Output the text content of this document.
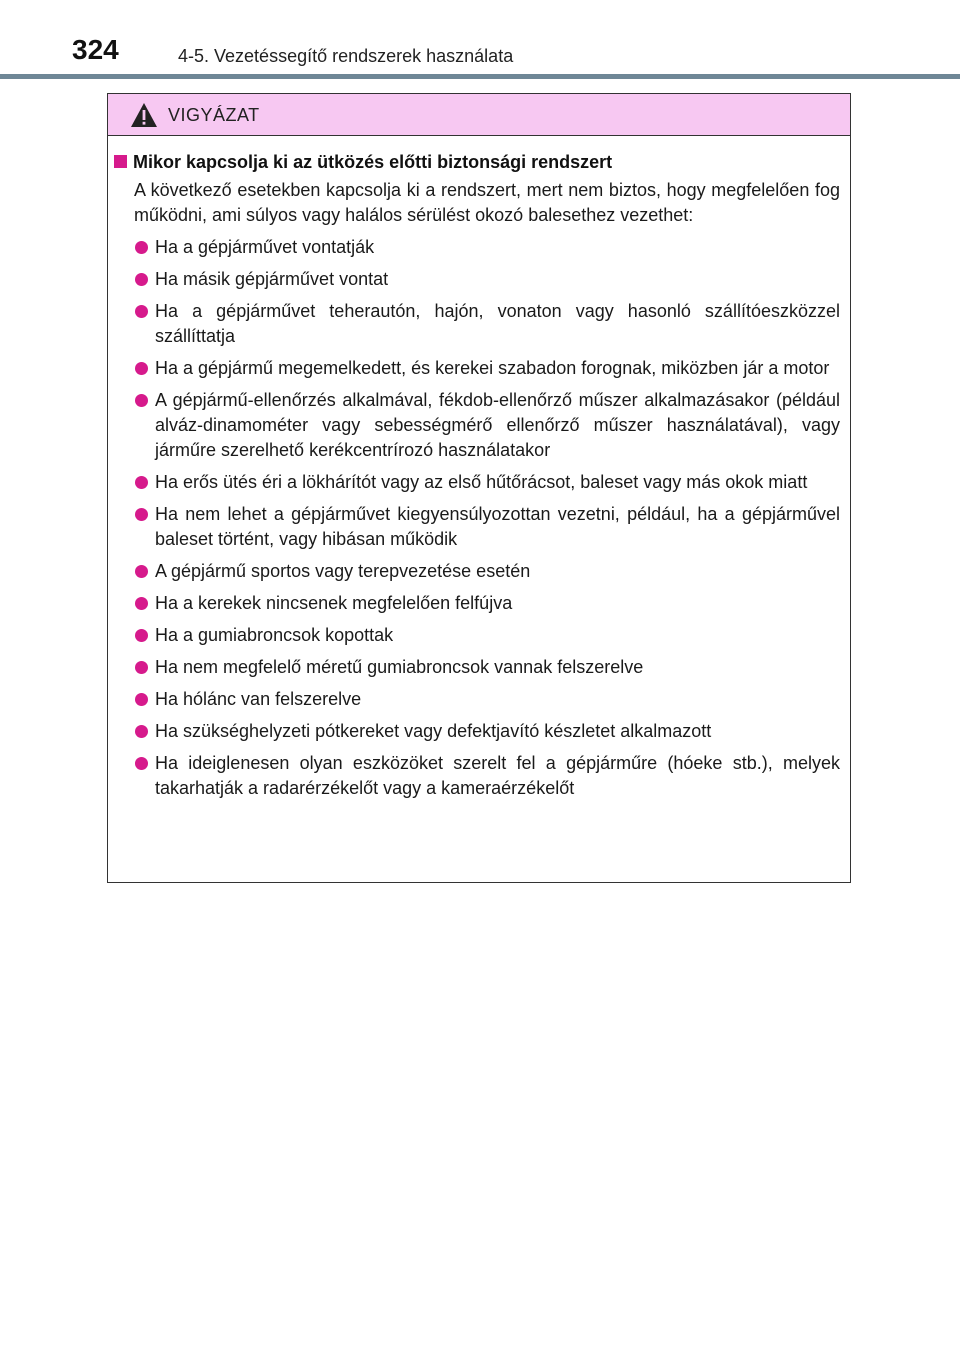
324	4-5. Vezetéssegítő rendszerek használata
VIGYÁZAT
Mikor kapcsolja ki az ütközés előtti biztonsági rendszert
A következő esetekben kapcsolja ki a rendszert, mert nem biztos, hogy megfelelően fog működni, ami súlyos vagy halálos sérülést okozó balesethez vezethet:
Ha a gépjárművet vontatják
Ha másik gépjárművet vontat
Ha a gépjárművet teherautón, hajón, vonaton vagy hasonló szállítóeszközzel szállíttatja
Ha a gépjármű megemelkedett, és kerekei szabadon forognak, miközben jár a motor
A gépjármű-ellenőrzés alkalmával, fékdob-ellenőrző műszer alkalmazásakor (például alváz-dinamométer vagy sebességmérő ellenőrző műszer használatával), vagy járműre szerelhető kerékcentrírozó használatakor
Ha erős ütés éri a lökhárítót vagy az első hűtőrácsot, baleset vagy más okok miatt
Ha nem lehet a gépjárművet kiegyensúlyozottan vezetni, például, ha a gépjárművel baleset történt, vagy hibásan működik
A gépjármű sportos vagy terepvezetése esetén
Ha a kerekek nincsenek megfelelően felfújva
Ha a gumiabroncsok kopottak
Ha nem megfelelő méretű gumiabroncsok vannak felszerelve
Ha hólánc van felszerelve
Ha szükséghelyzeti pótkereket vagy defektjavító készletet alkalmazott
Ha ideiglenesen olyan eszközöket szerelt fel a gépjárműre (hóeke stb.), melyek takarhatják a radarérzékelőt vagy a kameraérzékelőt
